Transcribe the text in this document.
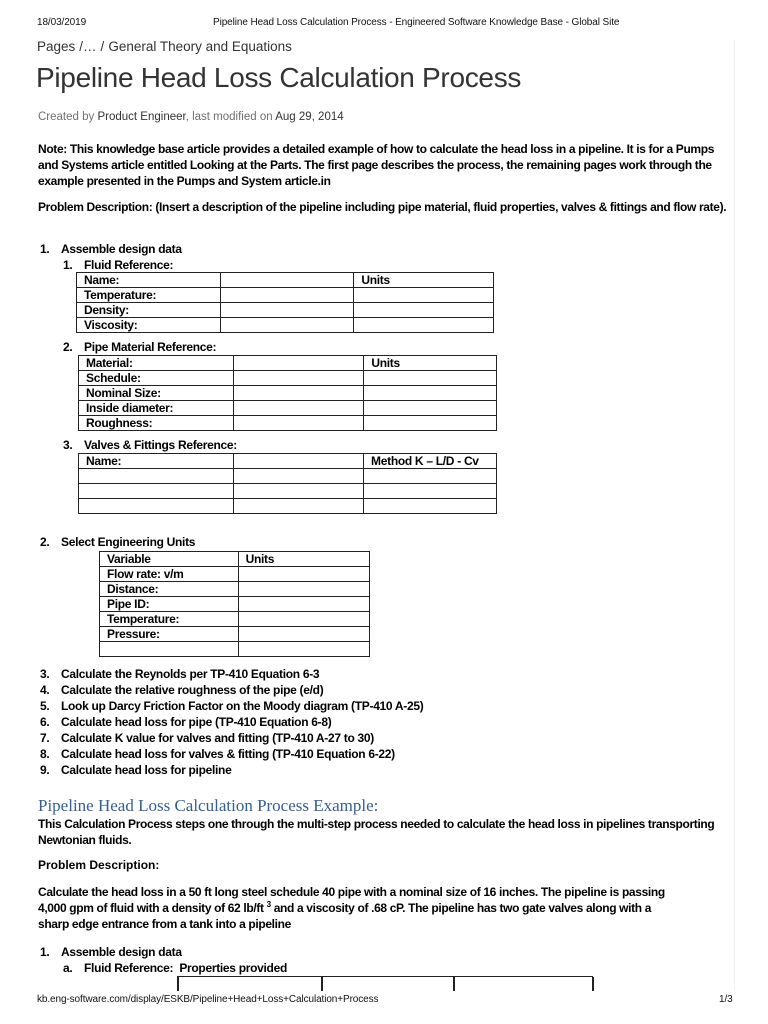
18/03/2019	Pipeline Head Loss Calculation Process - Engineered Software Knowledge Base - Global Site
Pages /… / General Theory and Equations
Pipeline Head Loss Calculation Process
Created by Product Engineer, last modified on Aug 29, 2014
Note: This knowledge base article provides a detailed example of how to calculate the head loss in a pipeline. It is for a Pumps and Systems article entitled Looking at the Parts. The first page describes the process, the remaining pages work through the example presented in the Pumps and System article.in
Problem Description: (Insert a description of the pipeline including pipe material, fluid properties, valves & fittings and flow rate).
1. Assemble design data
1. Fluid Reference:
Name:		Units
Temperature:		
Density:		
Viscosity:		
2. Pipe Material Reference:
Material:		Units
Schedule:		
Nominal Size:		
Inside diameter:		
Roughness:		
3. Valves & Fittings Reference:
Name:		Method K – L/D - Cv

2. Select Engineering Units
Variable	Units
Flow rate: v/m	
Distance:	
Pipe ID:	
Temperature:	
Pressure:	

3. Calculate the Reynolds per TP-410 Equation 6-3
4. Calculate the relative roughness of the pipe (e/d)
5. Look up Darcy Friction Factor on the Moody diagram (TP-410 A-25)
6. Calculate head loss for pipe (TP-410 Equation 6-8)
7. Calculate K value for valves and fitting (TP-410 A-27 to 30)
8. Calculate head loss for valves & fitting (TP-410 Equation 6-22)
9. Calculate head loss for pipeline
Pipeline Head Loss Calculation Process Example:
This Calculation Process steps one through the multi-step process needed to calculate the head loss in pipelines transporting Newtonian fluids.
Problem Description:
Calculate the head loss in a 50 ft long steel schedule 40 pipe with a nominal size of 16 inches. The pipeline is passing
4,000 gpm of fluid with a density of 62 lb/ft $^3$ and a viscosity of .68 cP. The pipeline has two gate valves along with a
sharp edge entrance from a tank into a pipeline
1. Assemble design data
a. Fluid Reference: Properties provided
kb.eng-software.com/display/ESKB/Pipeline+Head+Loss+Calculation+Process	1/3
